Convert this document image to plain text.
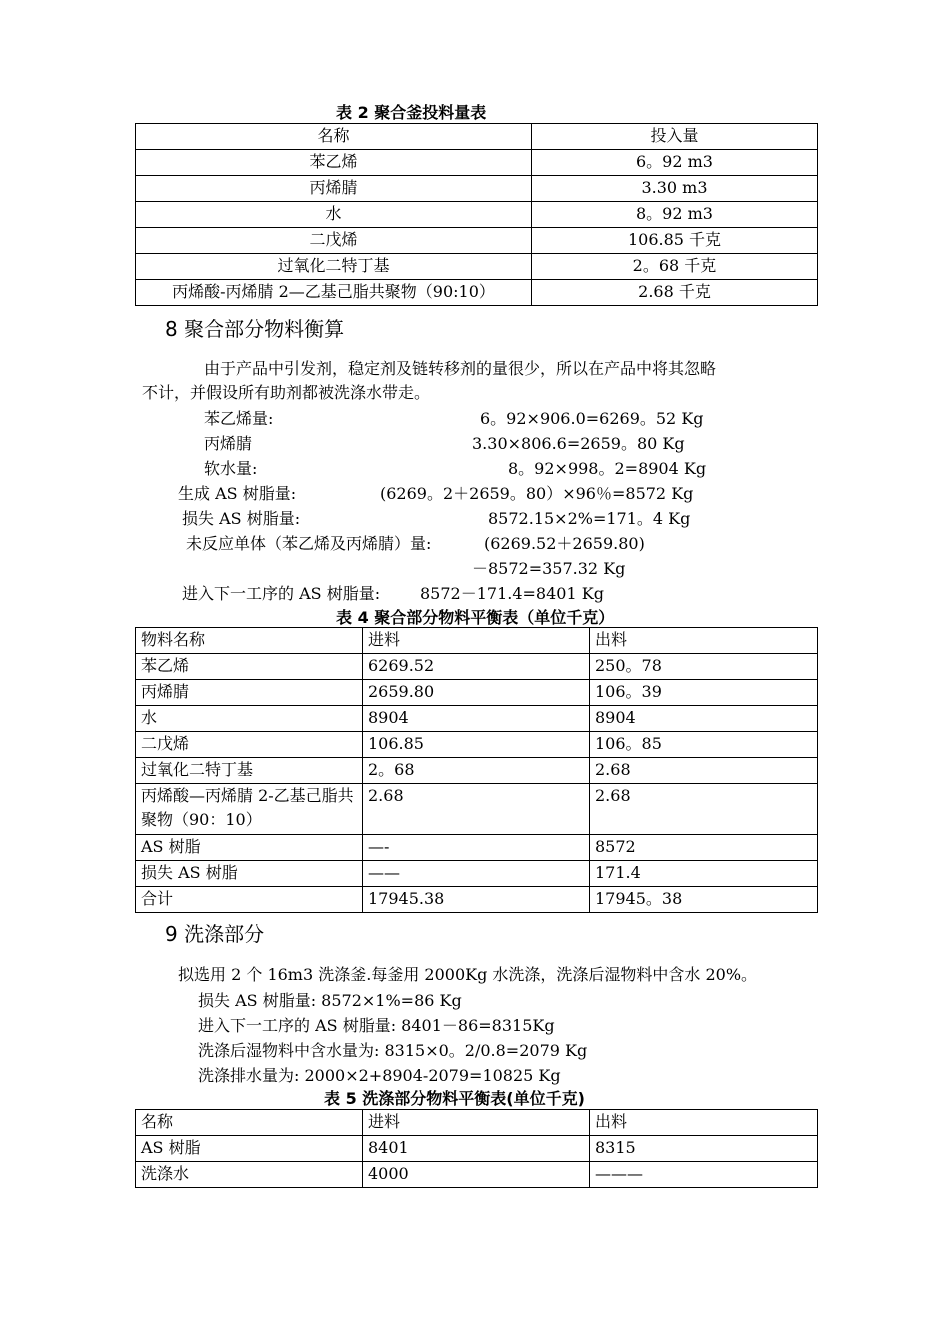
表 2 聚合釜投料量表
名称	投入量
苯乙烯	6。92 m3
丙烯腈	3.30 m3
水	8。92 m3
二戊烯	106.85 千克
过氧化二特丁基	2。68 千克
丙烯酸-丙烯腈 2—乙基己脂共聚物（90:10）	2.68 千克
8 聚合部分物料衡算
由于产品中引发剂，稳定剂及链转移剂的量很少，所以在产品中将其忽略
不计，并假设所有助剂都被洗涤水带走。
苯乙烯量:	6。92×906.0=6269。52 Kg
丙烯腈	3.30×806.6=2659。80 Kg
软水量:	8。92×998。2=8904 Kg
生成 AS 树脂量:	(6269。2＋2659。80）×96％=8572 Kg
损失 AS 树脂量:	8572.15×2%=171。4 Kg
未反应单体（苯乙烯及丙烯腈）量:	(6269.52＋2659.80)
－8572=357.32 Kg
进入下一工序的 AS 树脂量: 8572－171.4=8401 Kg
表 4 聚合部分物料平衡表（单位千克）
物料名称	进料	出料
苯乙烯	6269.52	250。78
丙烯腈	2659.80	106。39
水	8904	8904
二戊烯	106.85	106。85
过氧化二特丁基	2。68	2.68
丙烯酸—丙烯腈 2-乙基己脂共聚物（90：10）	2.68	2.68
AS 树脂	—-	8572
损失 AS 树脂	——	171.4
合计	17945.38	17945。38
9 洗涤部分
拟选用 2 个 16m3 洗涤釜.每釜用 2000Kg 水洗涤，洗涤后湿物料中含水 20%。
损失 AS 树脂量: 8572×1%=86 Kg
进入下一工序的 AS 树脂量: 8401－86=8315Kg
洗涤后湿物料中含水量为: 8315×0。2/0.8=2079 Kg
洗涤排水量为: 2000×2+8904-2079=10825 Kg
表 5 洗涤部分物料平衡表(单位千克)
名称	进料	出料
AS 树脂	8401	8315
洗涤水	4000	———
